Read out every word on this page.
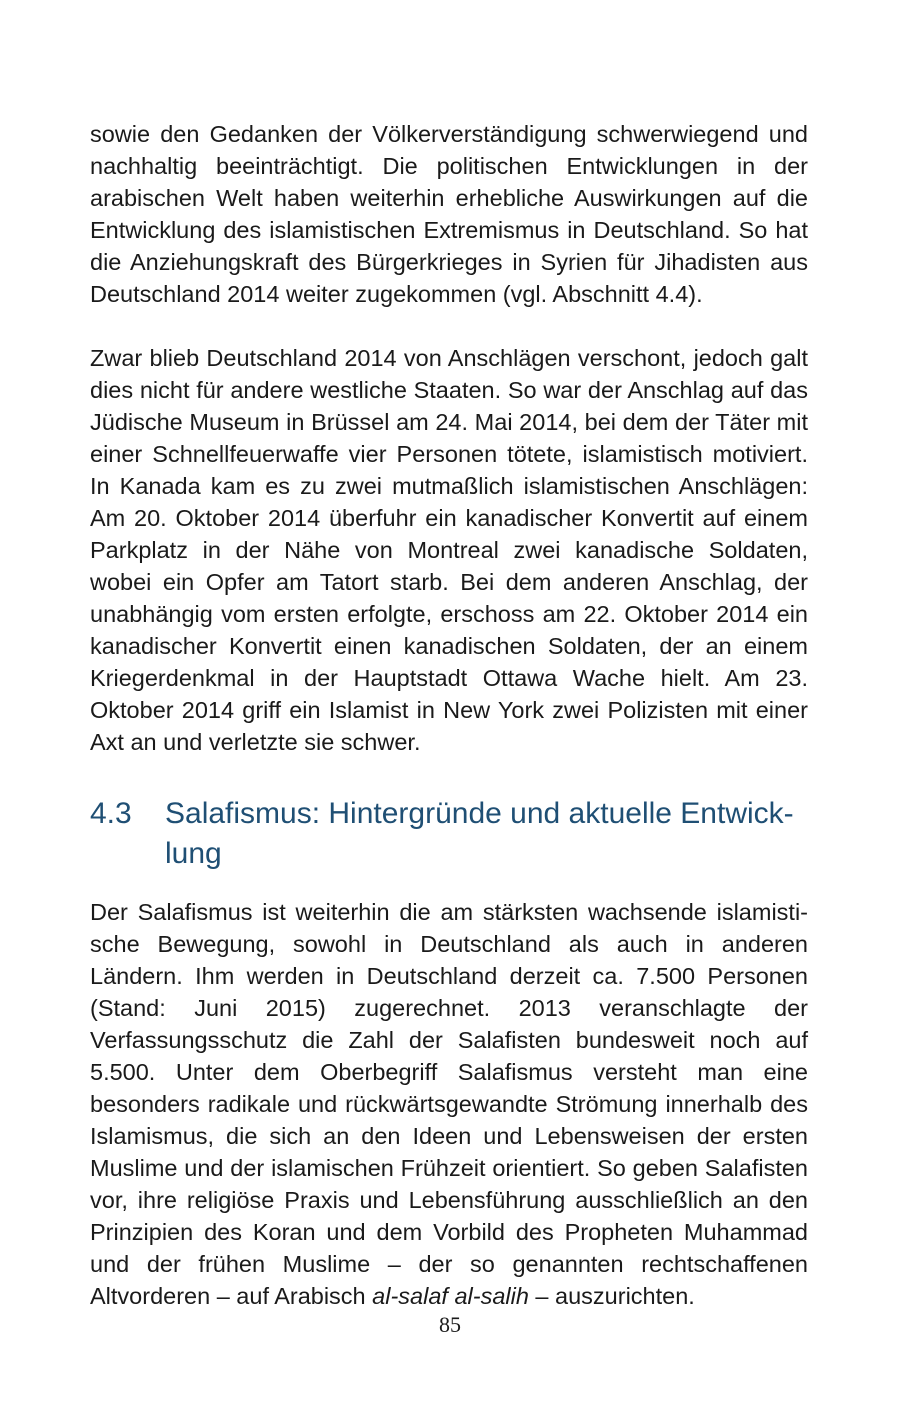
sowie den Gedanken der Völkerverständigung schwerwiegend und nachhaltig beeinträchtigt. Die politischen Entwicklungen in der arabischen Welt haben weiterhin erhebliche Auswirkungen auf die Entwicklung des islamistischen Extremismus in Deutschland. So hat die Anziehungskraft des Bürgerkrieges in Syrien für Jihadisten aus Deutschland 2014 weiter zugekommen (vgl. Abschnitt 4.4).

Zwar blieb Deutschland 2014 von Anschlägen verschont, jedoch galt dies nicht für andere westliche Staaten. So war der Anschlag auf das Jüdische Museum in Brüssel am 24. Mai 2014, bei dem der Täter mit einer Schnellfeuerwaffe vier Personen tötete, islamistisch motiviert. In Kanada kam es zu zwei mutmaßlich islamistischen Anschlägen: Am 20. Oktober 2014 überfuhr ein kanadischer Konvertit auf einem Parkplatz in der Nähe von Montreal zwei kanadische Soldaten, wobei ein Opfer am Tatort starb. Bei dem anderen Anschlag, der unabhängig vom ersten erfolgte, erschoss am 22. Oktober 2014 ein kanadischer Konvertit einen kanadischen Soldaten, der an einem Kriegerdenkmal in der Hauptstadt Ottawa Wache hielt. Am 23. Oktober 2014 griff ein Islamist in New York zwei Polizisten mit einer Axt an und verletzte sie schwer.

4.3	Salafismus: Hintergründe und aktuelle Entwicklung

Der Salafismus ist weiterhin die am stärksten wachsende islamistische Bewegung, sowohl in Deutschland als auch in anderen Ländern. Ihm werden in Deutschland derzeit ca. 7.500 Personen (Stand: Juni 2015) zugerechnet. 2013 veranschlagte der Verfassungsschutz die Zahl der Salafisten bundesweit noch auf 5.500. Unter dem Oberbegriff Salafismus versteht man eine besonders radikale und rückwärtsgewandte Strömung innerhalb des Islamismus, die sich an den Ideen und Lebensweisen der ersten Muslime und der islamischen Frühzeit orientiert. So geben Salafisten vor, ihre religiöse Praxis und Lebensführung ausschließlich an den Prinzipien des Koran und dem Vorbild des Propheten Muhammad und der frühen Muslime – der so genannten rechtschaffenen Altvorderen – auf Arabisch al-salaf al-salih – auszurichten.

85
